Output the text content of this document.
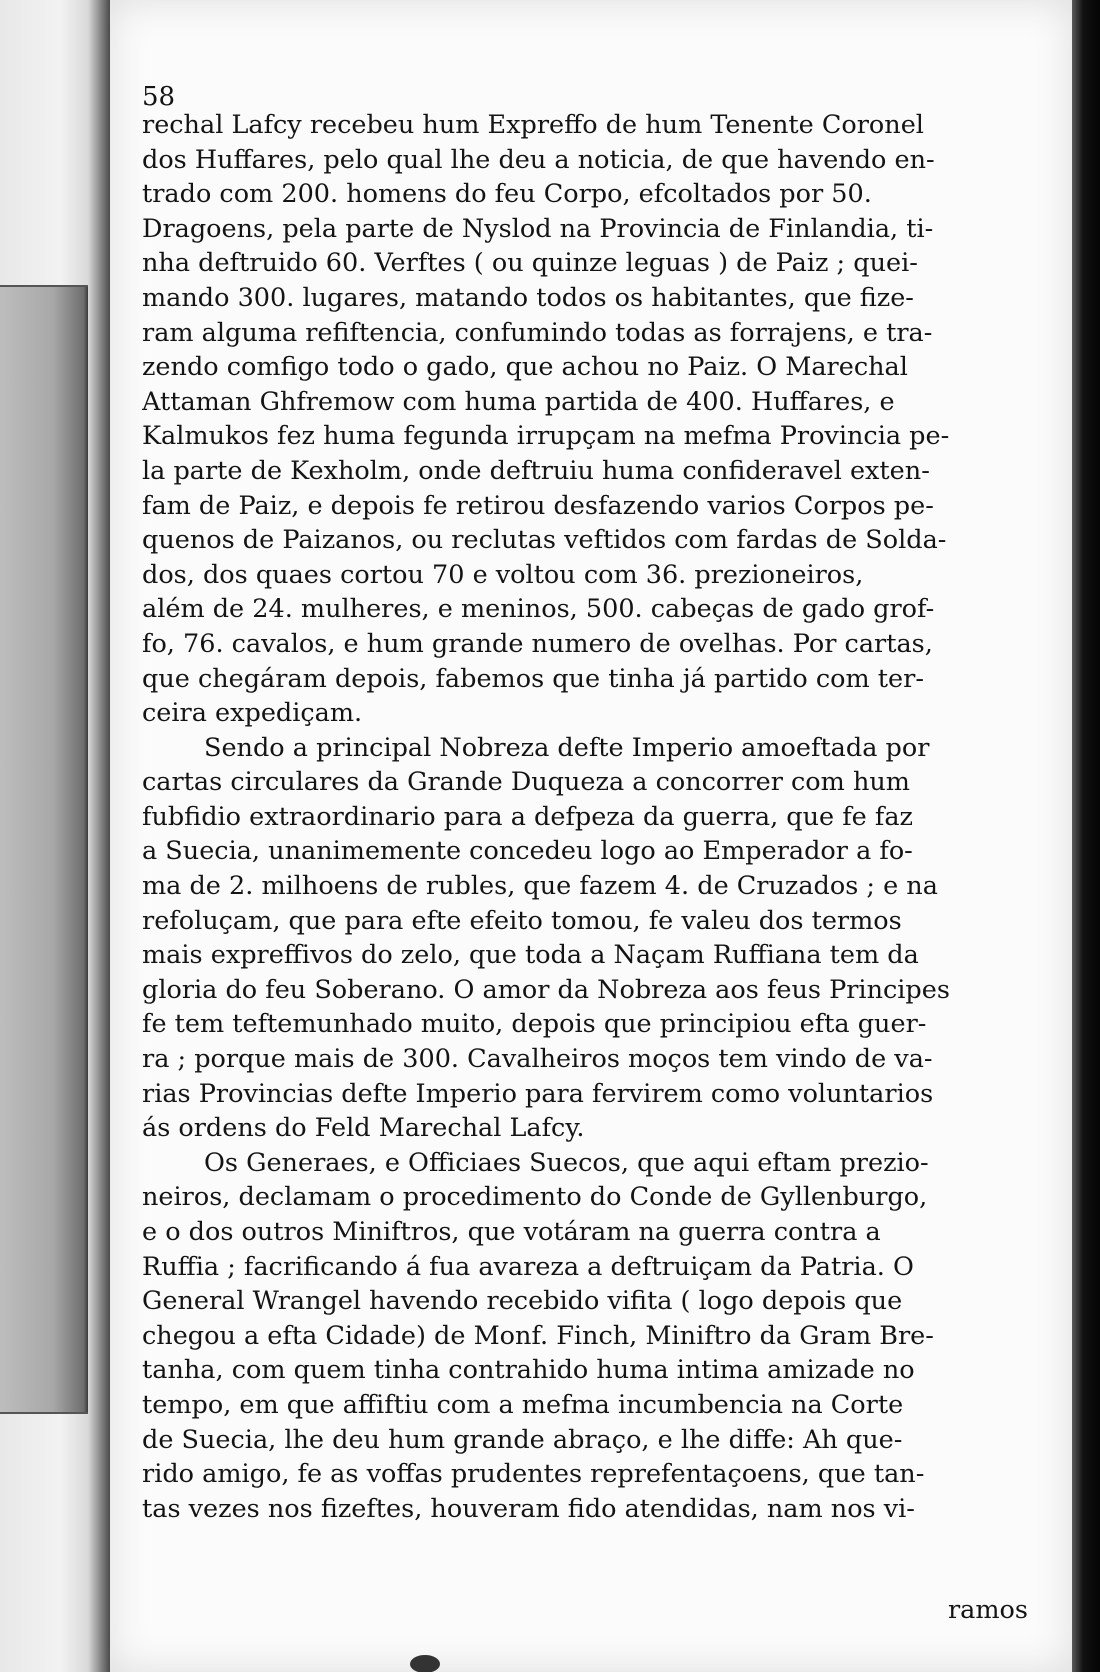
58
rechal Lafcy recebeu hum Expreffo de hum Tenente Coronel
dos Huffares, pelo qual lhe deu a noticia, de que havendo en-
trado com 200. homens do feu Corpo, efcoltados por 50.
Dragoens, pela parte de Nyslod na Provincia de Finlandia, ti-
nha deftruido 60. Verftes ( ou quinze leguas ) de Paiz ; quei-
mando 300. lugares, matando todos os habitantes, que fize-
ram alguma refiftencia, confumindo todas as forrajens, e tra-
zendo comfigo todo o gado, que achou no Paiz. O Marechal
Attaman Ghfremow com huma partida de 400. Huffares, e
Kalmukos fez huma fegunda irrupçam na mefma Provincia pe-
la parte de Kexholm, onde deftruiu huma confideravel exten-
fam de Paiz, e depois fe retirou desfazendo varios Corpos pe-
quenos de Paizanos, ou reclutas veftidos com fardas de Solda-
dos, dos quaes cortou 70 e voltou com 36. prezioneiros,
além de 24. mulheres, e meninos, 500. cabeças de gado grof-
fo, 76. cavalos, e hum grande numero de ovelhas. Por cartas,
que chegáram depois, fabemos que tinha já partido com ter-
ceira expediçam.
Sendo a principal Nobreza defte Imperio amoeftada por
cartas circulares da Grande Duqueza a concorrer com hum
fubfidio extraordinario para a defpeza da guerra, que fe faz
a Suecia, unanimemente concedeu logo ao Emperador a fo-
ma de 2. milhoens de rubles, que fazem 4. de Cruzados ; e na
refoluçam, que para efte efeito tomou, fe valeu dos termos
mais expreffivos do zelo, que toda a Naçam Ruffiana tem da
gloria do feu Soberano. O amor da Nobreza aos feus Principes
fe tem teftemunhado muito, depois que principiou efta guer-
ra ; porque mais de 300. Cavalheiros moços tem vindo de va-
rias Provincias defte Imperio para fervirem como voluntarios
ás ordens do Feld Marechal Lafcy.
Os Generaes, e Officiaes Suecos, que aqui eftam prezio-
neiros, declamam o procedimento do Conde de Gyllenburgo,
e o dos outros Miniftros, que votáram na guerra contra a
Ruffia ; facrificando á fua avareza a deftruiçam da Patria. O
General Wrangel havendo recebido vifita ( logo depois que
chegou a efta Cidade) de Monf. Finch, Miniftro da Gram Bre-
tanha, com quem tinha contrahido huma intima amizade no
tempo, em que affiftiu com a mefma incumbencia na Corte
de Suecia, lhe deu hum grande abraço, e lhe diffe: Ah que-
rido amigo, fe as voffas prudentes reprefentaçoens, que tan-
tas vezes nos fizeftes, houveram fido atendidas, nam nos vi-
ramos
